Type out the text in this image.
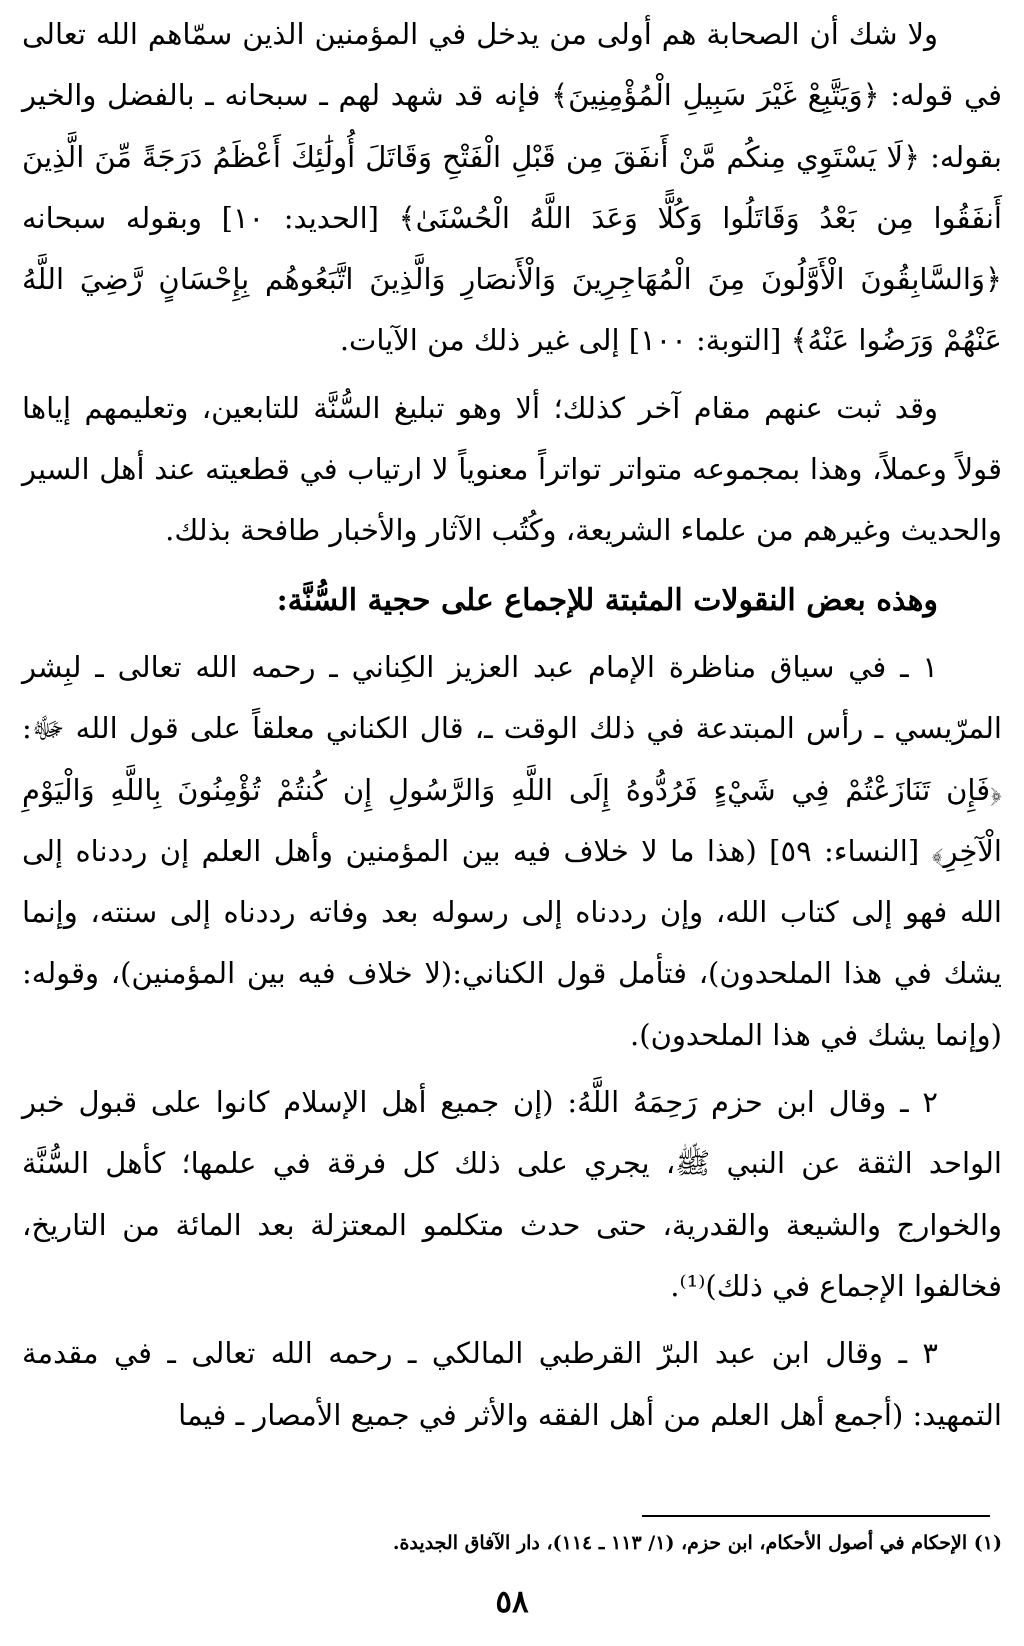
ولا شك أن الصحابة هم أولى من يدخل في المؤمنين الذين سمّاهم الله تعالى في قوله: ﴿وَيَتَّبِعْ غَيْرَ سَبِيلِ الْمُؤْمِنِينَ﴾ فإنه قد شهد لهم ـ سبحانه ـ بالفضل والخير بقوله: ﴿لَا يَسْتَوِي مِنكُم مَّنْ أَنفَقَ مِن قَبْلِ الْفَتْحِ وَقَاتَلَ أُولَٰئِكَ أَعْظَمُ دَرَجَةً مِّنَ الَّذِينَ أَنفَقُوا مِن بَعْدُ وَقَاتَلُوا وَكُلًّا وَعَدَ اللَّهُ الْحُسْنَىٰ﴾ [الحديد: ١٠] وبقوله سبحانه ﴿وَالسَّابِقُونَ الْأَوَّلُونَ مِنَ الْمُهَاجِرِينَ وَالْأَنصَارِ وَالَّذِينَ اتَّبَعُوهُم بِإِحْسَانٍ رَّضِيَ اللَّهُ عَنْهُمْ وَرَضُوا عَنْهُ﴾ [التوبة: ١٠٠] إلى غير ذلك من الآيات.

وقد ثبت عنهم مقام آخر كذلك؛ ألا وهو تبليغ السُّنَّة للتابعين، وتعليمهم إياها قولاً وعملاً، وهذا بمجموعه متواتر تواتراً معنوياً لا ارتياب في قطعيته عند أهل السير والحديث وغيرهم من علماء الشريعة، وكُتُب الآثار والأخبار طافحة بذلك.

وهذه بعض النقولات المثبتة للإجماع على حجية السُّنَّة:

١ ـ في سياق مناظرة الإمام عبد العزيز الكِناني ـ رحمه الله تعالى ـ لبِشر المرّيسي ـ رأس المبتدعة في ذلك الوقت ـ، قال الكناني معلقاً على قول الله ﷻ: ﴿فَإِن تَنَازَعْتُمْ فِي شَيْءٍ فَرُدُّوهُ إِلَى اللَّهِ وَالرَّسُولِ إِن كُنتُمْ تُؤْمِنُونَ بِاللَّهِ وَالْيَوْمِ الْآخِرِ﴾ [النساء: ٥٩] (هذا ما لا خلاف فيه بين المؤمنين وأهل العلم إن رددناه إلى الله فهو إلى كتاب الله، وإن رددناه إلى رسوله بعد وفاته رددناه إلى سنته، وإنما يشك في هذا الملحدون)، فتأمل قول الكناني:(لا خلاف فيه بين المؤمنين)، وقوله: (وإنما يشك في هذا الملحدون).

٢ ـ وقال ابن حزم رَحِمَهُ اللَّهُ: (إن جميع أهل الإسلام كانوا على قبول خبر الواحد الثقة عن النبي ﷺ، يجري على ذلك كل فرقة في علمها؛ كأهل السُّنَّة والخوارج والشيعة والقدرية، حتى حدث متكلمو المعتزلة بعد المائة من التاريخ، فخالفوا الإجماع في ذلك)⁽¹⁾.

٣ ـ وقال ابن عبد البرّ القرطبي المالكي ـ رحمه الله تعالى ـ في مقدمة التمهيد: (أجمع أهل العلم من أهل الفقه والأثر في جميع الأمصار ـ فيما

(١) الإحكام في أصول الأحكام، ابن حزم، (١/ ١١٣ ـ ١١٤)، دار الآفاق الجديدة.
٥٨
